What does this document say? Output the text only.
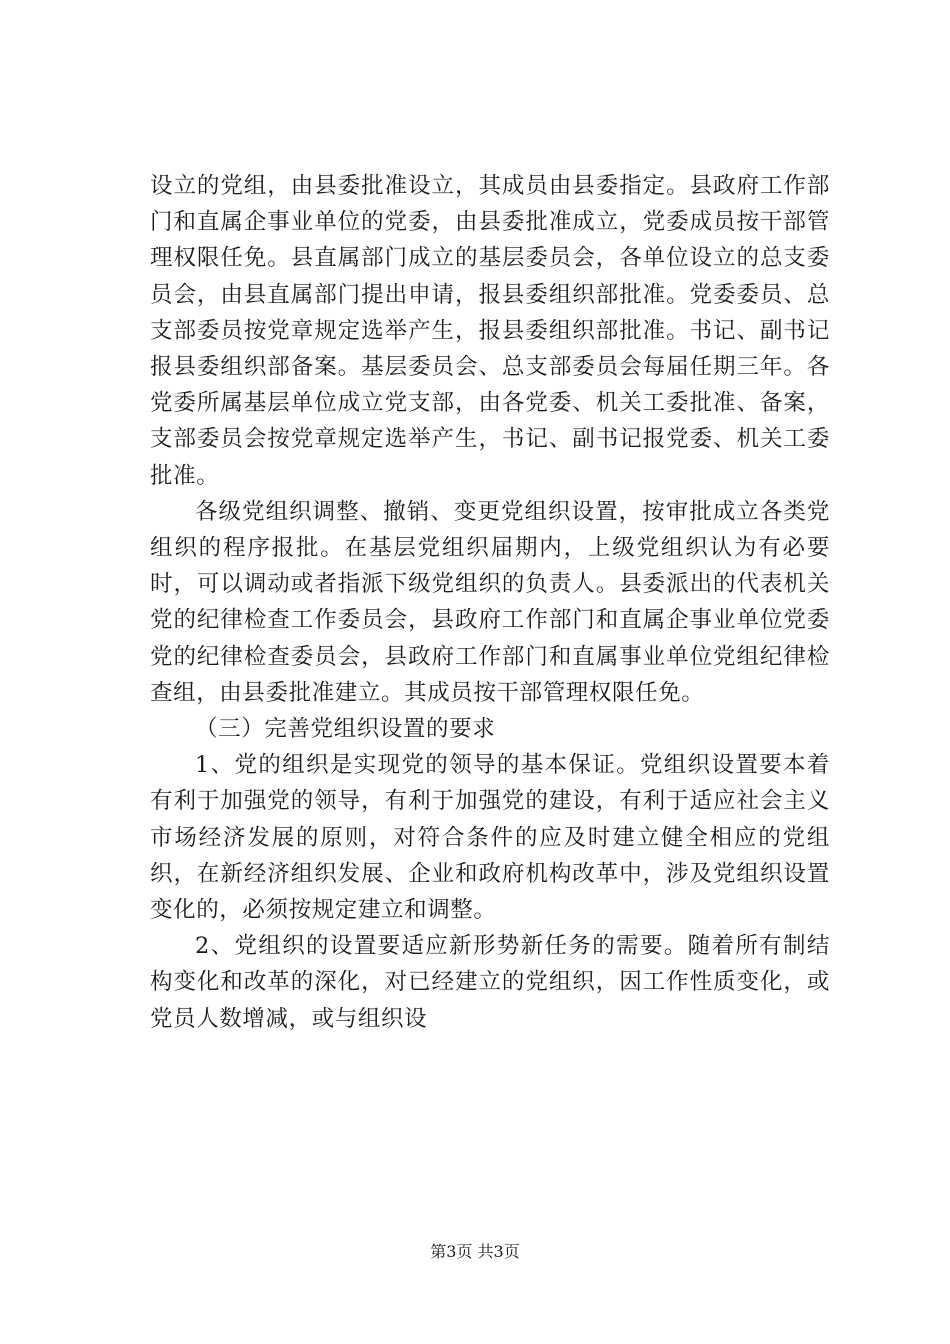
设立的党组，由县委批准设立，其成员由县委指定。县政府工作部门和直属企事业单位的党委，由县委批准成立，党委成员按干部管理权限任免。县直属部门成立的基层委员会，各单位设立的总支委员会，由县直属部门提出申请，报县委组织部批准。党委委员、总支部委员按党章规定选举产生，报县委组织部批准。书记、副书记报县委组织部备案。基层委员会、总支部委员会每届任期三年。各党委所属基层单位成立党支部，由各党委、机关工委批准、备案，支部委员会按党章规定选举产生，书记、副书记报党委、机关工委批准。

各级党组织调整、撤销、变更党组织设置，按审批成立各类党组织的程序报批。在基层党组织届期内，上级党组织认为有必要时，可以调动或者指派下级党组织的负责人。县委派出的代表机关党的纪律检查工作委员会，县政府工作部门和直属企事业单位党委党的纪律检查委员会，县政府工作部门和直属事业单位党组纪律检查组，由县委批准建立。其成员按干部管理权限任免。

（三）完善党组织设置的要求

1、党的组织是实现党的领导的基本保证。党组织设置要本着有利于加强党的领导，有利于加强党的建设，有利于适应社会主义市场经济发展的原则，对符合条件的应及时建立健全相应的党组织，在新经济组织发展、企业和政府机构改革中，涉及党组织设置变化的，必须按规定建立和调整。

2、党组织的设置要适应新形势新任务的需要。随着所有制结构变化和改革的深化，对已经建立的党组织，因工作性质变化，或党员人数增减，或与组织设

第3页 共3页
